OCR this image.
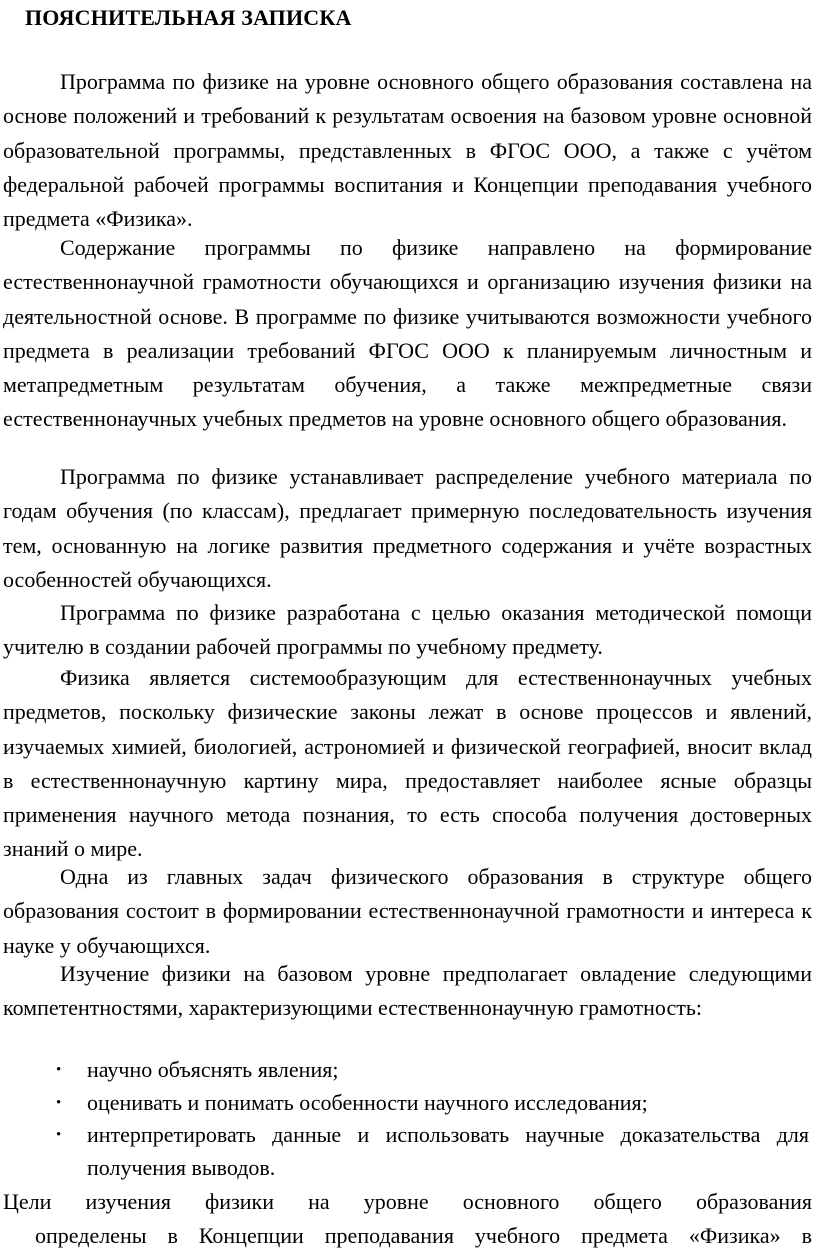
ПОЯСНИТЕЛЬНАЯ ЗАПИСКА

Программа по физике на уровне основного общего образования составлена на основе положений и требований к результатам освоения на базовом уровне основной образовательной программы, представленных в ФГОС ООО, а также с учётом федеральной рабочей программы воспитания и Концепции преподавания учебного предмета «Физика».

Содержание программы по физике направлено на формирование естественнонаучной грамотности обучающихся и организацию изучения физики на деятельностной основе. В программе по физике учитываются возможности учебного предмета в реализации требований ФГОС ООО к планируемым личностным и метапредметным результатам обучения, а также межпредметные связи естественнонаучных учебных предметов на уровне основного общего образования.

Программа по физике устанавливает распределение учебного материала по годам обучения (по классам), предлагает примерную последовательность изучения тем, основанную на логике развития предметного содержания и учёте возрастных особенностей обучающихся.

Программа по физике разработана с целью оказания методической помощи учителю в создании рабочей программы по учебному предмету.

Физика является системообразующим для естественнонаучных учебных предметов, поскольку физические законы лежат в основе процессов и явлений, изучаемых химией, биологией, астрономией и физической географией, вносит вклад в естественнонаучную картину мира, предоставляет наиболее ясные образцы применения научного метода познания, то есть способа получения достоверных знаний о мире.

Одна из главных задач физического образования в структуре общего образования состоит в формировании естественнонаучной грамотности и интереса к науке у обучающихся.

Изучение физики на базовом уровне предполагает овладение следующими компетентностями, характеризующими естественнонаучную грамотность:

• научно объяснять явления;
• оценивать и понимать особенности научного исследования;
• интерпретировать данные и использовать научные доказательства для получения выводов.

Цели изучения физики на уровне основного общего образования

определены в Концепции преподавания учебного предмета «Физика» в
